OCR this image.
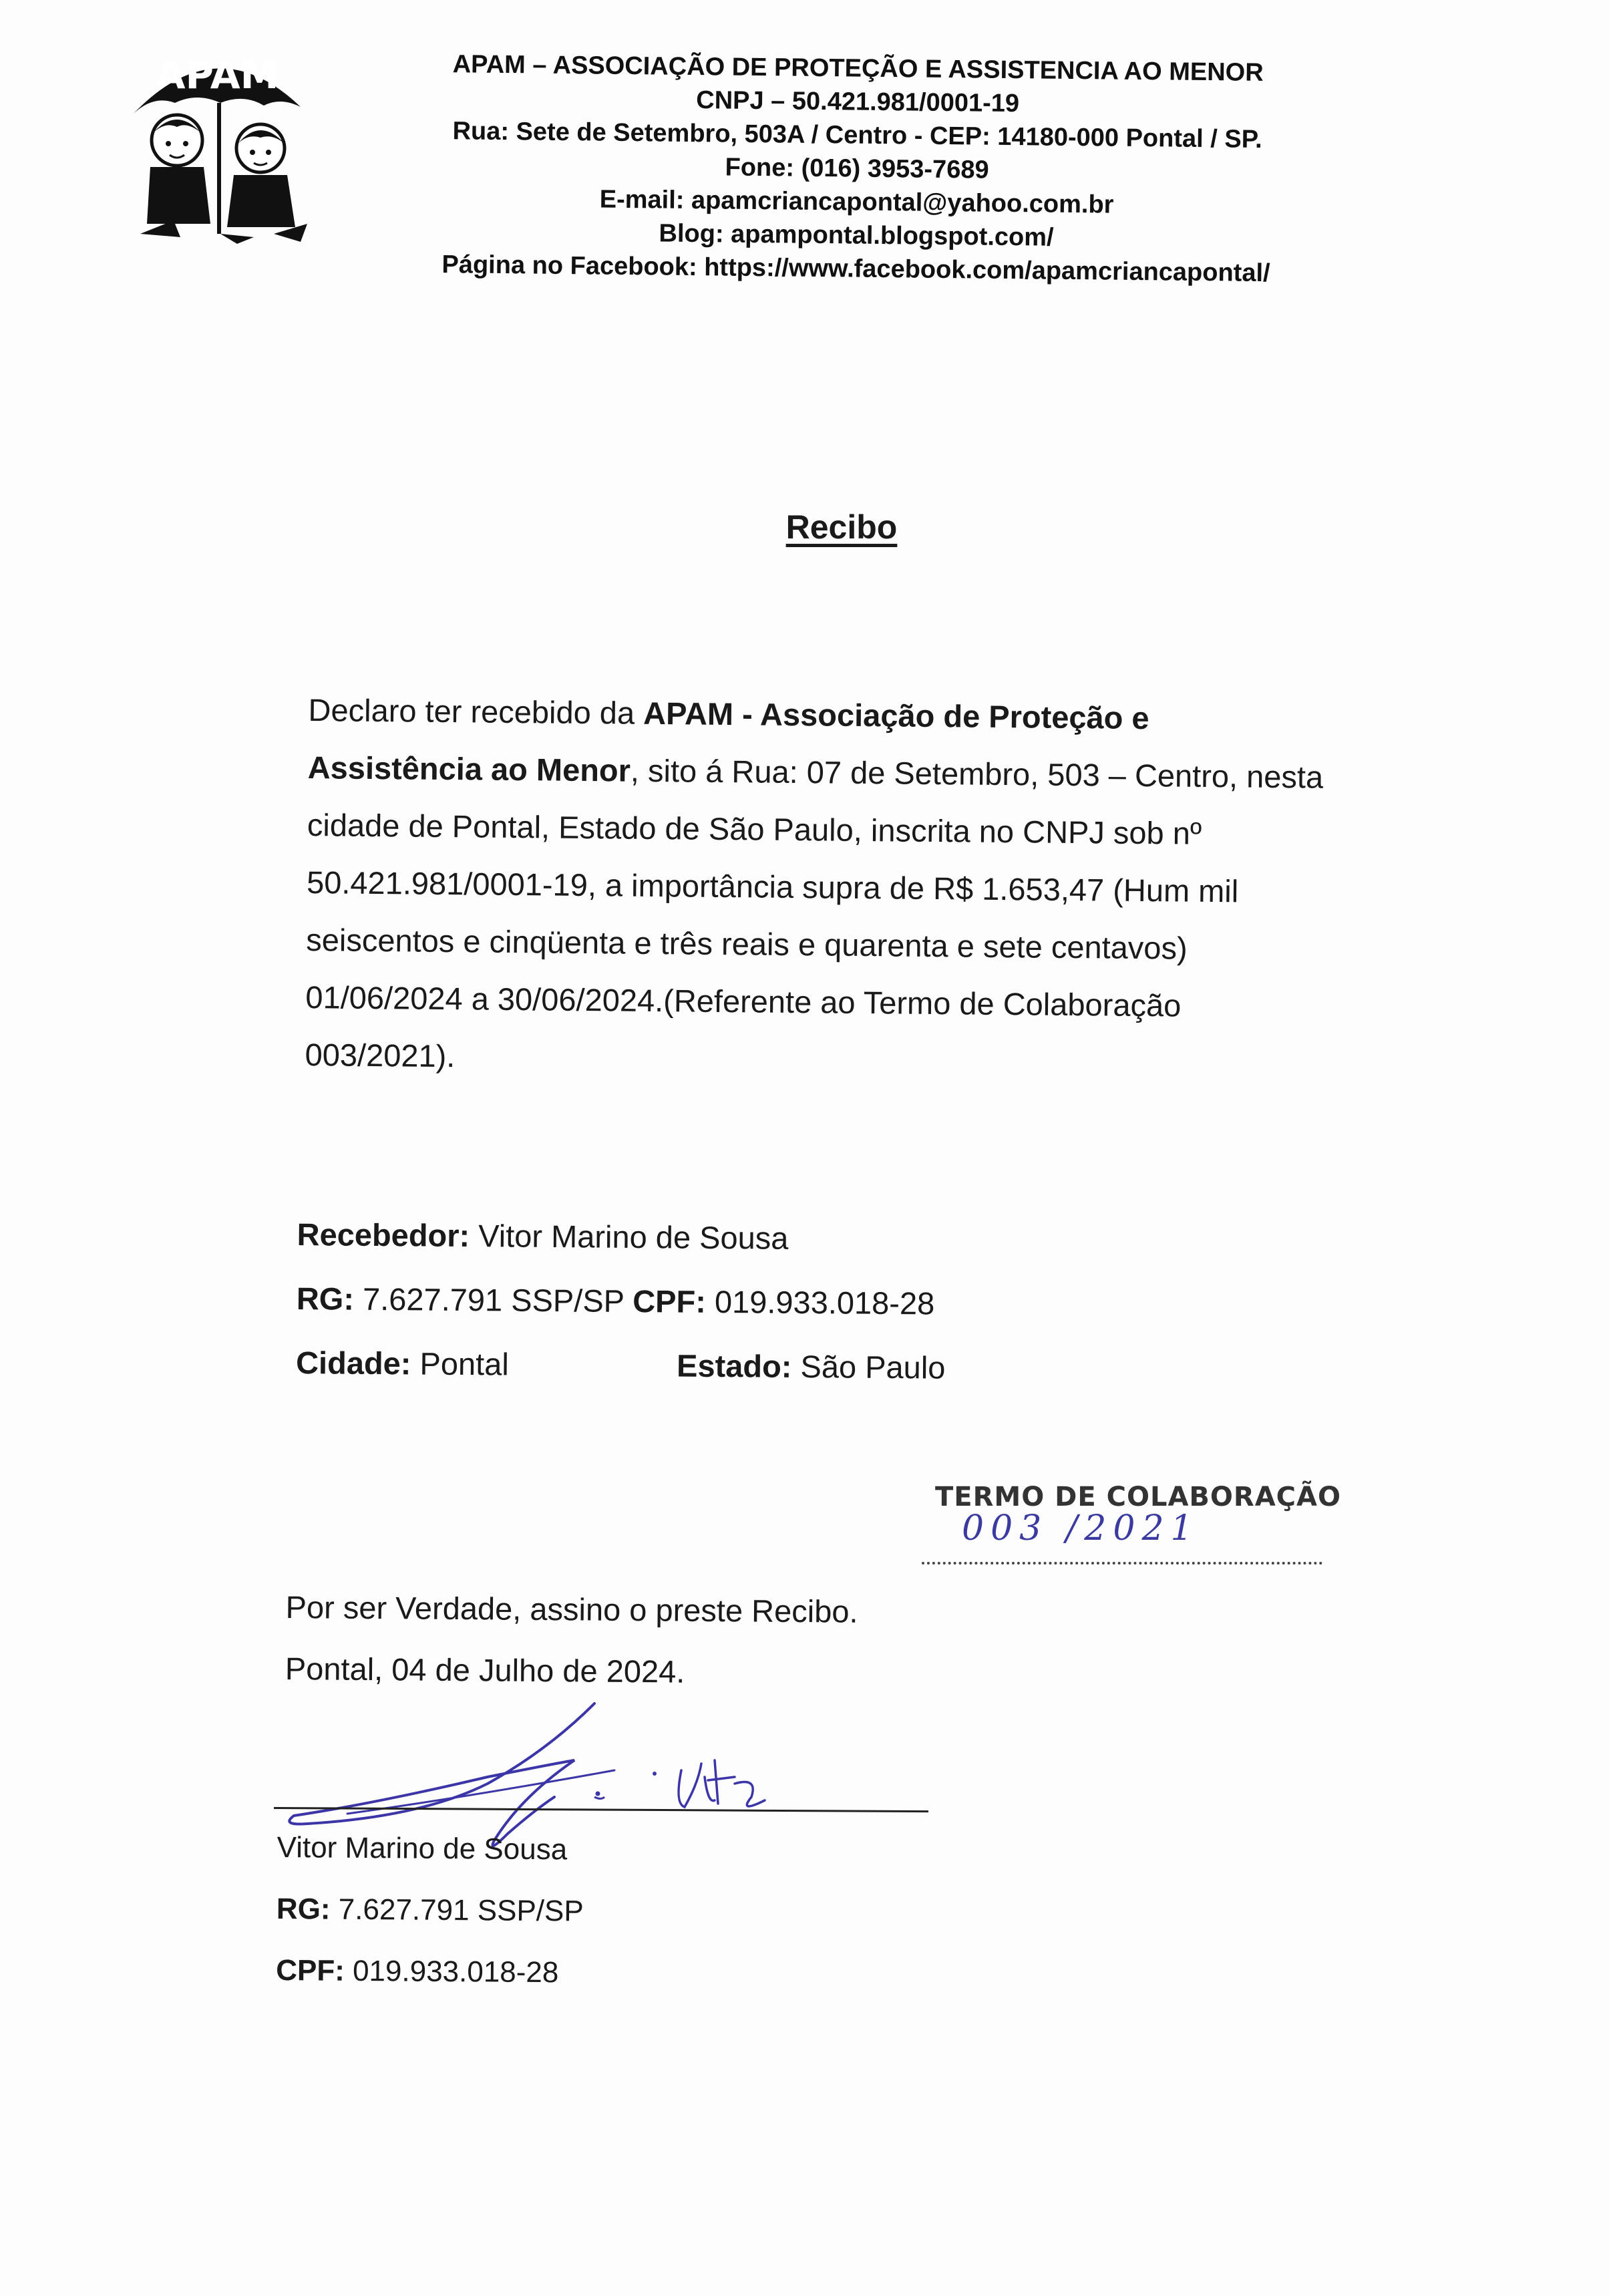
APAM	APAM – ASSOCIAÇÃO DE PROTEÇÃO E ASSISTENCIA AO MENOR
CNPJ – 50.421.981/0001-19
Rua: Sete de Setembro, 503A / Centro - CEP: 14180-000 Pontal / SP.
Fone: (016) 3953-7689
E-mail: apamcriancapontal@yahoo.com.br
Blog: apampontal.blogspot.com/
Página no Facebook: https://www.facebook.com/apamcriancapontal/
Recibo
Declaro ter recebido da APAM - Associação de Proteção e
Assistência ao Menor, sito á Rua: 07 de Setembro, 503 – Centro, nesta
cidade de Pontal, Estado de São Paulo, inscrita no CNPJ sob nº
50.421.981/0001-19, a importância supra de R$ 1.653,47 (Hum mil
seiscentos e cinqüenta e três reais e quarenta e sete centavos)
01/06/2024 a 30/06/2024.(Referente ao Termo de Colaboração
003/2021).
Recebedor: Vitor Marino de Sousa
RG: 7.627.791 SSP/SP CPF: 019.933.018-28
Cidade: Pontal	Estado: São Paulo
TERMO DE COLABORAÇÃO
003 /2021
Por ser Verdade, assino o preste Recibo.
Pontal, 04 de Julho de 2024.
Vitor Marino de Sousa
RG: 7.627.791 SSP/SP
CPF: 019.933.018-28
